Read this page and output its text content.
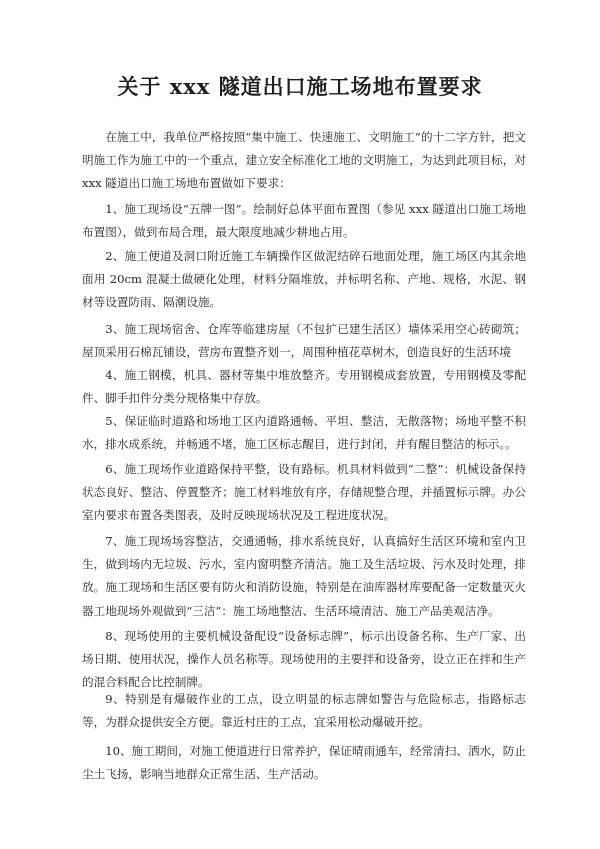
关于 xxx 隧道出口施工场地布置要求

在施工中，我单位严格按照“集中施工、快速施工、文明施工”的十二字方针，把文明施工作为施工中的一个重点，建立安全标准化工地的文明施工，为达到此项目标，对 xxx 隧道出口施工场地布置做如下要求：

1、施工现场设“五牌一图”。绘制好总体平面布置图（参见 xxx 隧道出口施工场地布置图），做到布局合理，最大限度地减少耕地占用。

2、施工便道及洞口附近施工车辆操作区做泥结碎石地面处理，施工场区内其余地面用 20cm 混凝土做硬化处理，材料分隔堆放，并标明名称、产地、规格，水泥、钢材等设置防雨、隔潮设施。

3、施工现场宿舍、仓库等临建房屋（不包扩已建生活区）墙体采用空心砖砌筑；屋顶采用石棉瓦铺设，营房布置整齐划一，周围种植花草树木，创造良好的生活环境

4、施工钢模，机具、器材等集中堆放整齐。专用钢模成套放置，专用钢模及零配件、脚手扣件分类分规格集中存放。

5、保证临时道路和场地工区内道路通畅、平坦、整洁，无散落物；场地平整不积水，排水成系统，并畅通不堵，施工区标志醒目，进行封闭，并有醒目整洁的标示。。

6、施工现场作业道路保持平整，设有路标。机具材料做到“二整”：机械设备保持状态良好、整洁、停置整齐；施工材料堆放有序，存储规整合理，并插置标示牌。办公室内要求布置各类图表，及时反映现场状况及工程进度状况。

7、施工现场场容整洁，交通通畅，排水系统良好，认真搞好生活区环境和室内卫生，做到场内无垃圾、污水，室内窗明整齐清洁。施工及生活垃圾、污水及时处理，排放。施工现场和生活区要有防火和消防设施，特别是在油库器材库要配备一定数量灭火器工地现场外观做到“三洁”：施工场地整洁、生活环境清洁、施工产品美观洁净。

8、现场使用的主要机械设备配设“设备标志牌”，标示出设备名称、生产厂家、出场日期、使用状况，操作人员名称等。现场使用的主要拌和设备旁，设立正在拌和生产的混合料配合比控制牌。

9、特别是有爆破作业的工点，设立明显的标志牌如警告与危险标志，指路标志等，为群众提供安全方便。靠近村庄的工点，宜采用松动爆破开挖。

10、施工期间，对施工便道进行日常养护，保证晴雨通车，经常清扫、洒水，防止尘土飞扬，影响当地群众正常生活、生产活动。
